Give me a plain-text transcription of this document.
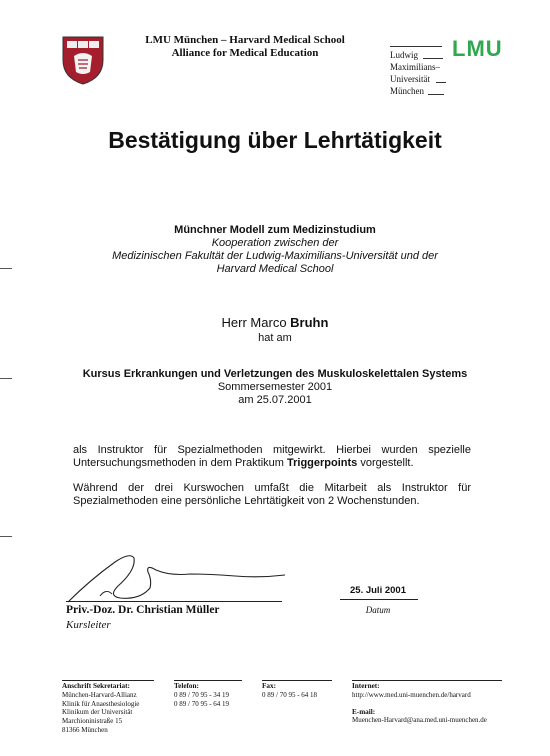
LMU München – Harvard Medical School
Alliance for Medical Education	LMU
Ludwig
Maximilians–
Universität
München
Bestätigung über Lehrtätigkeit
Münchner Modell zum Medizinstudium
Kooperation zwischen der
Medizinischen Fakultät der Ludwig-Maximilians-Universität und der
Harvard Medical School
Herr Marco Bruhn
hat am
Kursus Erkrankungen und Verletzungen des Muskuloskelettalen Systems
Sommersemester 2001
am 25.07.2001
als Instruktor für Spezialmethoden mitgewirkt. Hierbei wurden spezielle Untersuchungsmethoden in dem Praktikum Triggerpoints vorgestellt.
Während der drei Kurswochen umfaßt die Mitarbeit als Instruktor für Spezialmethoden eine persönliche Lehrtätigkeit von 2 Wochenstunden.
Priv.-Doz. Dr. Christian Müller
Kursleiter
25. Juli 2001
Datum
Anschrift Sekretariat:
München-Harvard-Allianz
Klinik für Anaesthesiologie
Klinikum der Universität
Marchioninistraße 15
81366 München
Telefon:
0 89 / 70 95 - 34 19
0 89 / 70 95 - 64 19
Fax:
0 89 / 70 95 - 64 18
Internet:
http://www.med.uni-muenchen.de/harvard
E-mail:
Muenchen-Harvard@ana.med.uni-muenchen.de
